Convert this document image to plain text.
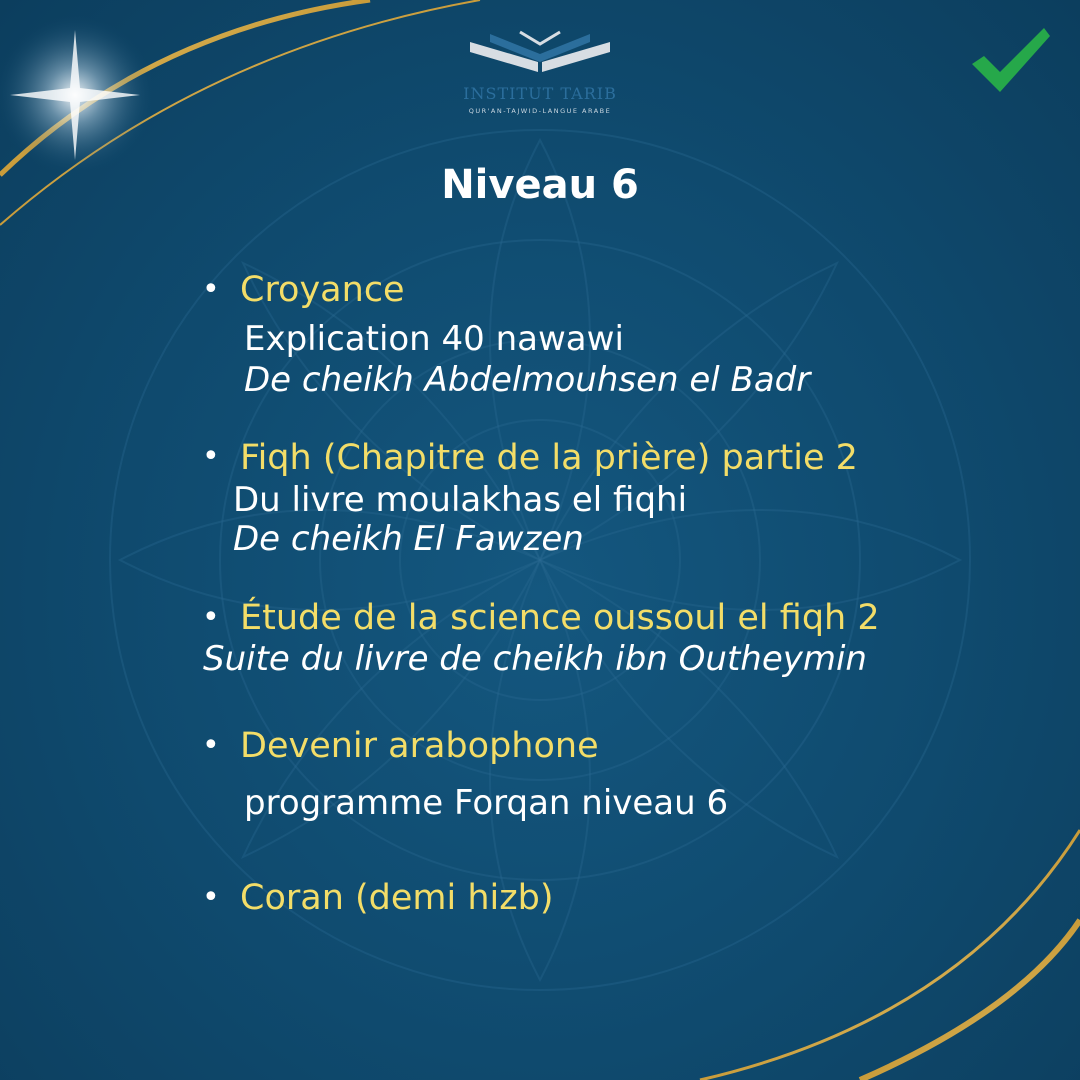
INSTITUT TARIB
QUR'AN-TAJWID-LANGUE ARABE
Niveau 6
• Croyance
Explication 40 nawawi
De cheikh Abdelmouhsen el Badr
• Fiqh (Chapitre de la prière) partie 2
Du livre moulakhas el fiqhi
De cheikh El Fawzen
• Étude de la science oussoul el fiqh 2
Suite du livre de cheikh ibn Outheymin
• Devenir arabophone
programme Forqan niveau 6
• Coran (demi hizb)
